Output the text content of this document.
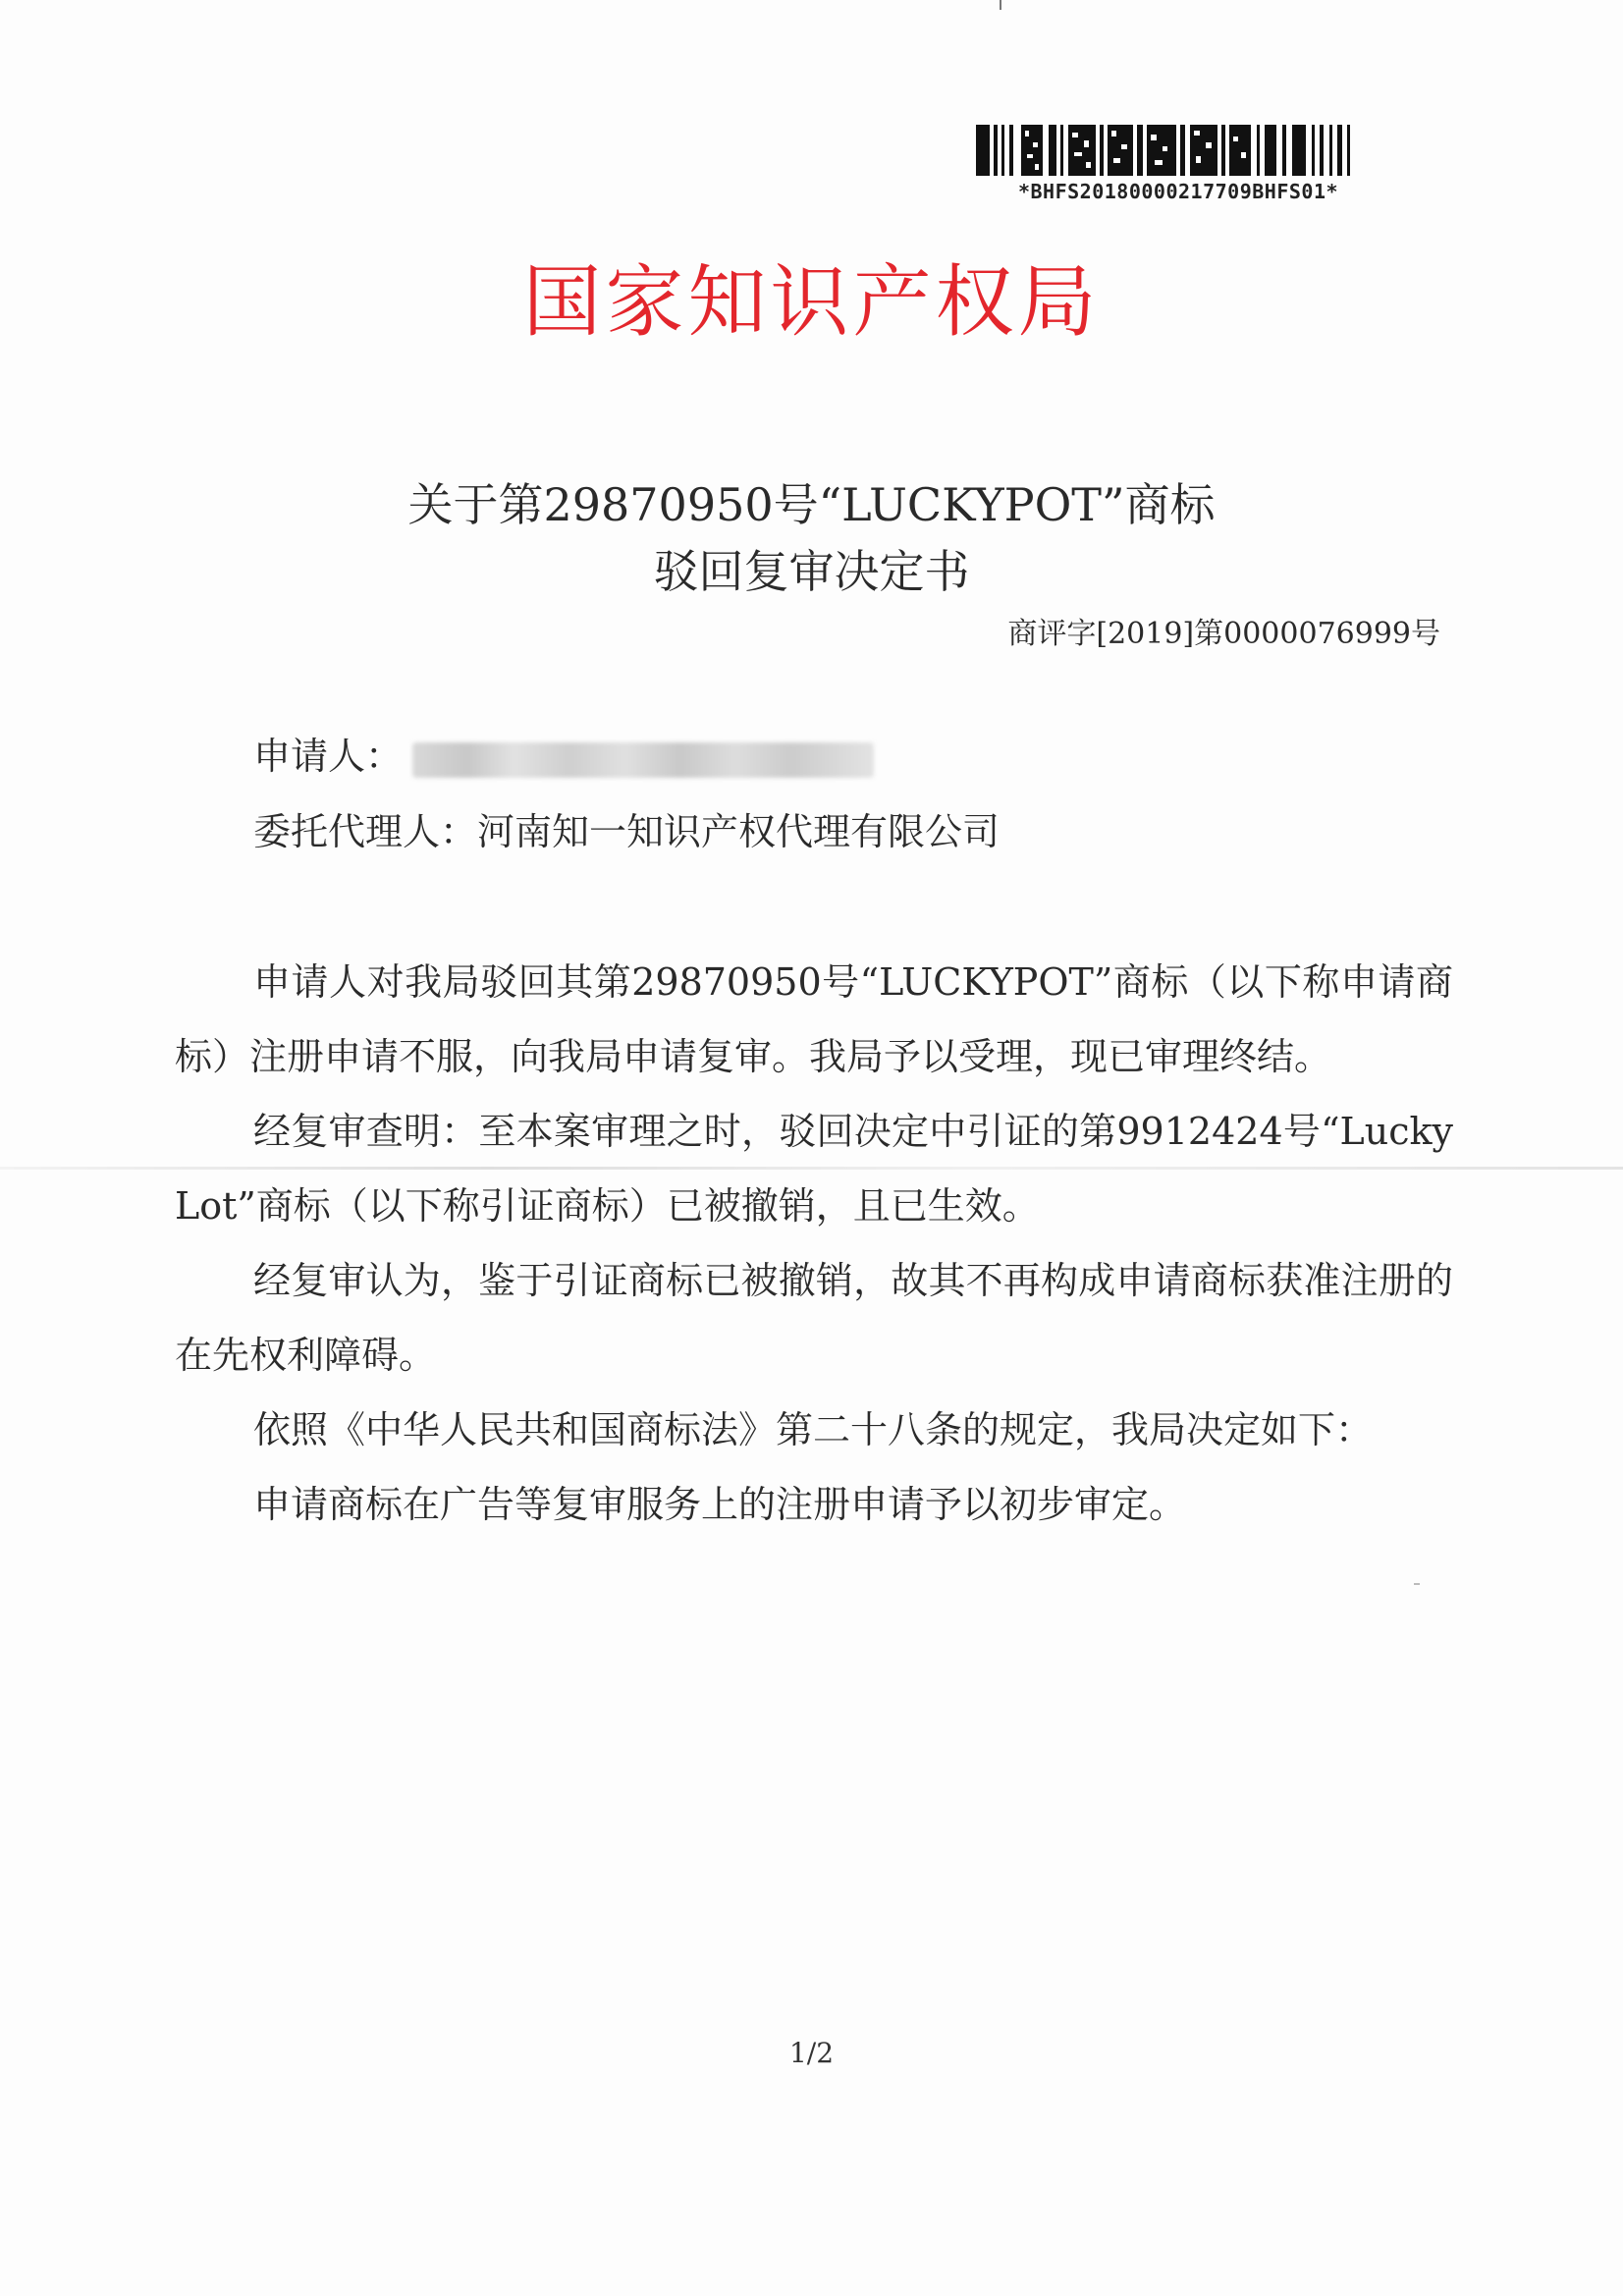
*BHFS20180000217709BHFS01*
国家知识产权局
关于第29870950号“LUCKYPOT”商标
驳回复审决定书
商评字[2019]第0000076999号
申请人：
委托代理人：河南知一知识产权代理有限公司

申请人对我局驳回其第29870950号“LUCKYPOT”商标（以下称申请商标）注册申请不服，向我局申请复审。我局予以受理，现已审理终结。

经复审查明：至本案审理之时，驳回决定中引证的第9912424号“Lucky Lot”商标（以下称引证商标）已被撤销，且已生效。

经复审认为，鉴于引证商标已被撤销，故其不再构成申请商标获准注册的在先权利障碍。

依照《中华人民共和国商标法》第二十八条的规定，我局决定如下：

申请商标在广告等复审服务上的注册申请予以初步审定。

1/2
